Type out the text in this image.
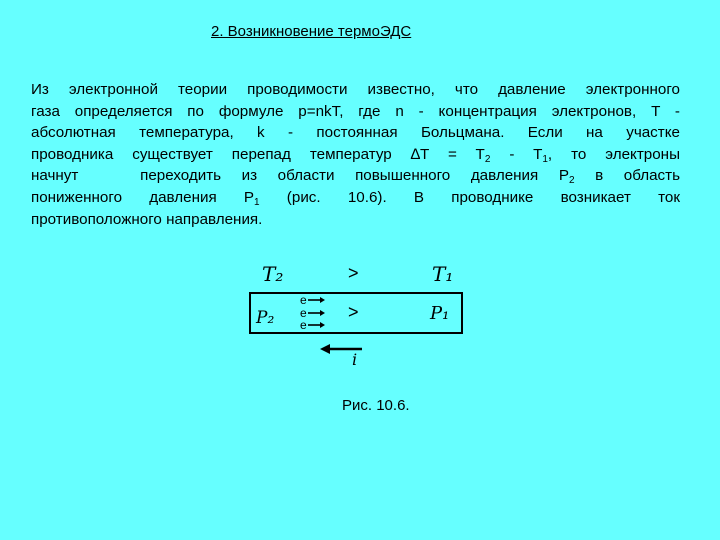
2. Возникновение термоЭДС
Из электронной теории проводимости известно, что давление электронного
газа определяется по формуле p=nkT, где n - концентрация электронов, T -
абсолютная температура, k - постоянная Больцмана. Если на участке
проводника существует перепад температур $\Delta T = T_2 - T_1$, то электроны
начнут   переходить из области повышенного давления $P_2$ в область
пониженного давления $P_1$ (рис. 10.6). В проводнике возникает ток
противоположного направления.
T₂	T₁
>
P₂	P₁
>
e
e
e
i
Рис. 10.6.
